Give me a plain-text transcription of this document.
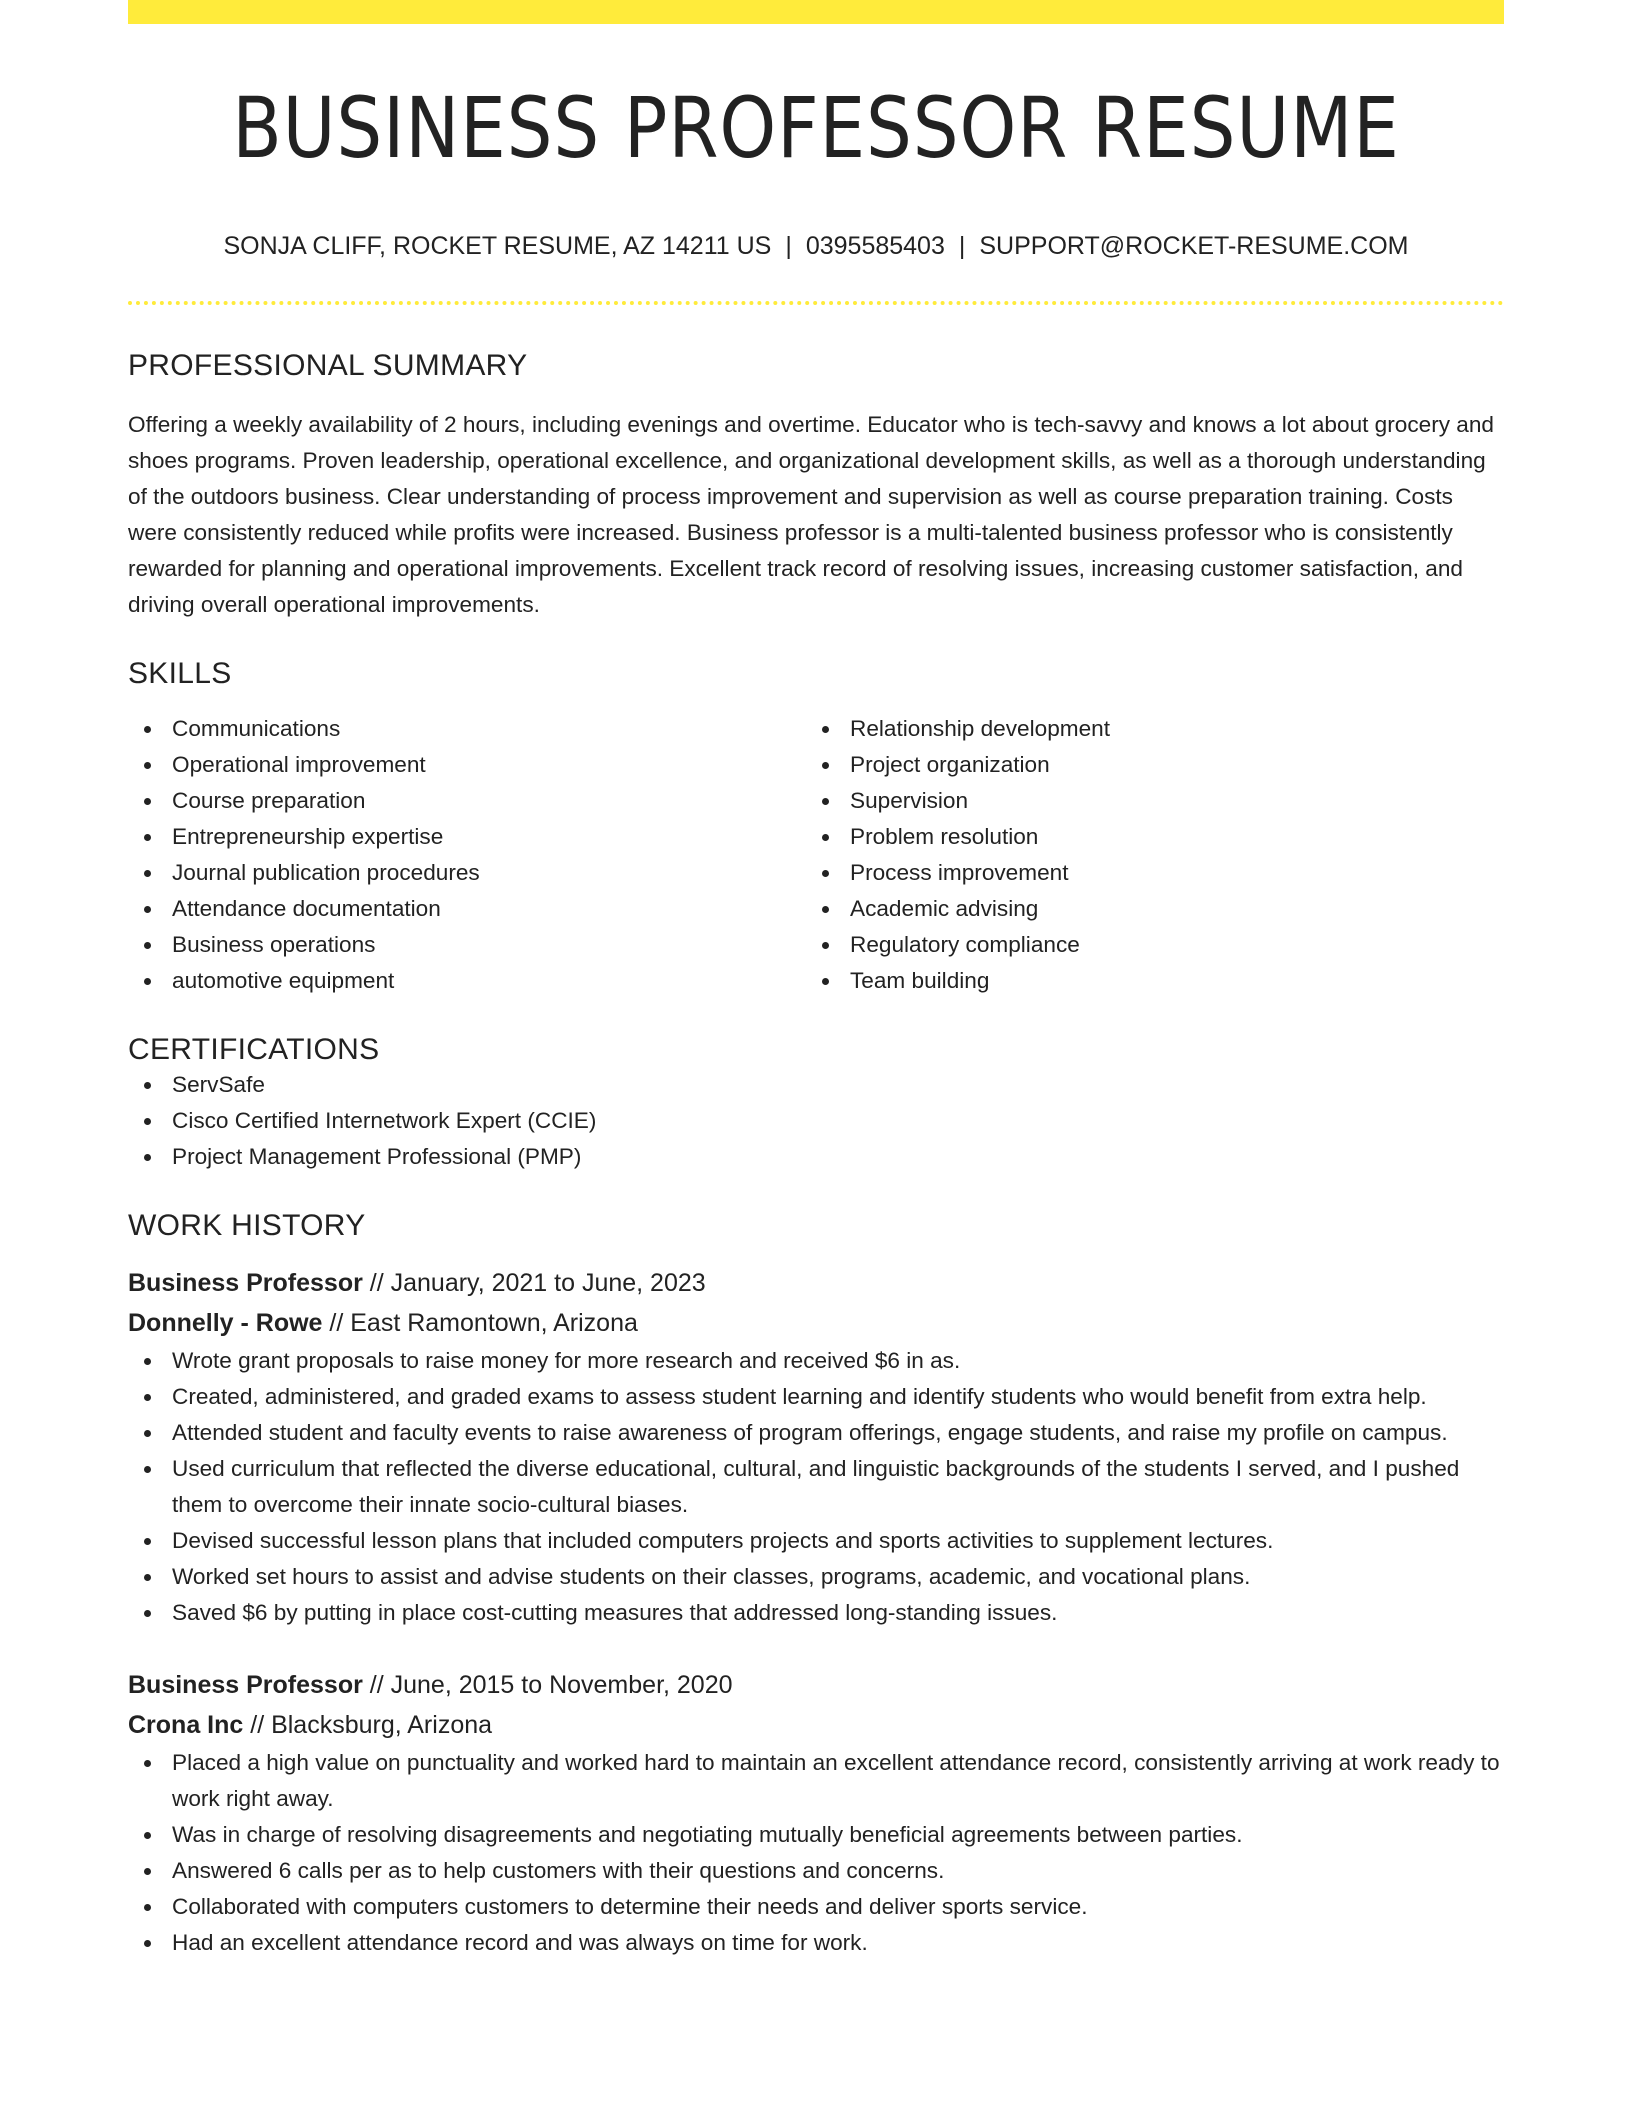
BUSINESS PROFESSOR RESUME
SONJA CLIFF, ROCKET RESUME, AZ 14211 US | 0395585403 | SUPPORT@ROCKET-RESUME.COM
PROFESSIONAL SUMMARY
Offering a weekly availability of 2 hours, including evenings and overtime. Educator who is tech-savvy and knows a lot about grocery and shoes programs. Proven leadership, operational excellence, and organizational development skills, as well as a thorough understanding of the outdoors business. Clear understanding of process improvement and supervision as well as course preparation training. Costs were consistently reduced while profits were increased. Business professor is a multi-talented business professor who is consistently rewarded for planning and operational improvements. Excellent track record of resolving issues, increasing customer satisfaction, and driving overall operational improvements.
SKILLS
Communications
Operational improvement
Course preparation
Entrepreneurship expertise
Journal publication procedures
Attendance documentation
Business operations
automotive equipment
Relationship development
Project organization
Supervision
Problem resolution
Process improvement
Academic advising
Regulatory compliance
Team building
CERTIFICATIONS
ServSafe
Cisco Certified Internetwork Expert (CCIE)
Project Management Professional (PMP)
WORK HISTORY
Business Professor // January, 2021 to June, 2023
Donnelly - Rowe // East Ramontown, Arizona
Wrote grant proposals to raise money for more research and received $6 in as.
Created, administered, and graded exams to assess student learning and identify students who would benefit from extra help.
Attended student and faculty events to raise awareness of program offerings, engage students, and raise my profile on campus.
Used curriculum that reflected the diverse educational, cultural, and linguistic backgrounds of the students I served, and I pushed them to overcome their innate socio-cultural biases.
Devised successful lesson plans that included computers projects and sports activities to supplement lectures.
Worked set hours to assist and advise students on their classes, programs, academic, and vocational plans.
Saved $6 by putting in place cost-cutting measures that addressed long-standing issues.
Business Professor // June, 2015 to November, 2020
Crona Inc // Blacksburg, Arizona
Placed a high value on punctuality and worked hard to maintain an excellent attendance record, consistently arriving at work ready to work right away.
Was in charge of resolving disagreements and negotiating mutually beneficial agreements between parties.
Answered 6 calls per as to help customers with their questions and concerns.
Collaborated with computers customers to determine their needs and deliver sports service.
Had an excellent attendance record and was always on time for work.
